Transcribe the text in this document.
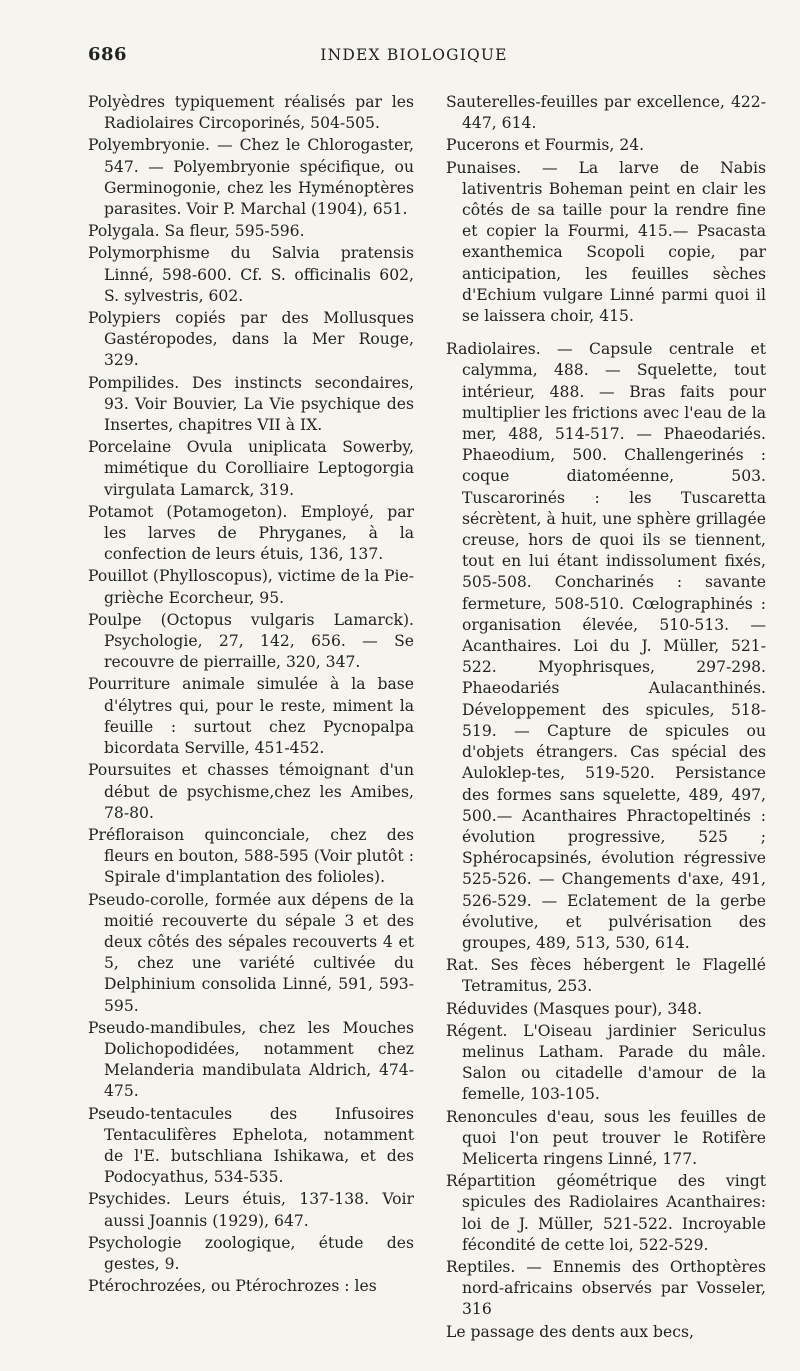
686	INDEX BIOLOGIQUE

Polyèdres typiquement réalisés par les Radiolaires Circoporinés, 504-505.

Polyembryonie. — Chez le Chlorogaster, 547. — Polyembryonie spécifique, ou Germinogonie, chez les Hyménoptères parasites. Voir P. Marchal (1904), 651.

Polygala. Sa fleur, 595-596.

Polymorphisme du Salvia pratensis Linné, 598-600. Cf. S. officinalis 602, S. sylvestris, 602.

Polypiers copiés par des Mollusques Gastéropodes, dans la Mer Rouge, 329.

Pompilides. Des instincts secondaires, 93. Voir Bouvier, La Vie psychique des Insertes, chapitres VII à IX.

Porcelaine Ovula uniplicata Sowerby, mimétique du Corolliaire Leptogorgia virgulata Lamarck, 319.

Potamot (Potamogeton). Employé, par les larves de Phryganes, à la confection de leurs étuis, 136, 137.

Pouillot (Phylloscopus), victime de la Pie-grièche Ecorcheur, 95.

Poulpe (Octopus vulgaris Lamarck). Psychologie, 27, 142, 656. — Se recouvre de pierraille, 320, 347.

Pourriture animale simulée à la base d'élytres qui, pour le reste, miment la feuille : surtout chez Pycnopalpa bicordata Serville, 451-452.

Poursuites et chasses témoignant d'un début de psychisme,chez les Amibes, 78-80.

Préfloraison quinconciale, chez des fleurs en bouton, 588-595 (Voir plutôt : Spirale d'implantation des folioles).

Pseudo-corolle, formée aux dépens de la moitié recouverte du sépale 3 et des deux côtés des sépales recouverts 4 et 5, chez une variété cultivée du Delphinium consolida Linné, 591, 593-595.

Pseudo-mandibules, chez les Mouches Dolichopodidées, notamment chez Melanderia mandibulata Aldrich, 474-475.

Pseudo-tentacules des Infusoires Tentaculifères Ephelota, notamment de l'E. butschliana Ishikawa, et des Podocyathus, 534-535.

Psychides. Leurs étuis, 137-138. Voir aussi Joannis (1929), 647.

Psychologie zoologique, étude des gestes, 9.

Ptérochrozées, ou Ptérochrozes : les

Sauterelles-feuilles par excellence, 422-447, 614.

Pucerons et Fourmis, 24.

Punaises. — La larve de Nabis lativentris Boheman peint en clair les côtés de sa taille pour la rendre fine et copier la Fourmi, 415.— Psacasta exanthemica Scopoli copie, par anticipation, les feuilles sèches d'Echium vulgare Linné parmi quoi il se laissera choir, 415.

Radiolaires. — Capsule centrale et calymma, 488. — Squelette, tout intérieur, 488. — Bras faits pour multiplier les frictions avec l'eau de la mer, 488, 514-517. — Phaeodariés. Phaeodium, 500. Challengerinés : coque diatoméenne, 503. Tuscarorinés : les Tuscaretta sécrètent, à huit, une sphère grillagée creuse, hors de quoi ils se tiennent, tout en lui étant indissolument fixés, 505-508. Concharinés : savante fermeture, 508-510. Cœlographinés : organisation élevée, 510-513. — Acanthaires. Loi du J. Müller, 521-522. Myophrisques, 297-298. Phaeodariés Aulacanthinés. Développement des spicules, 518-519. — Capture de spicules ou d'objets étrangers. Cas spécial des Auloklep-tes, 519-520. Persistance des formes sans squelette, 489, 497, 500.— Acanthaires Phractopeltinés : évolution progressive, 525 ; Sphérocapsinés, évolution régressive 525-526. — Changements d'axe, 491, 526-529. — Eclatement de la gerbe évolutive, et pulvérisation des groupes, 489, 513, 530, 614.

Rat. Ses fèces hébergent le Flagellé Tetramitus, 253.

Réduvides (Masques pour), 348.

Régent. L'Oiseau jardinier Sericulus melinus Latham. Parade du mâle. Salon ou citadelle d'amour de la femelle, 103-105.

Renoncules d'eau, sous les feuilles de quoi l'on peut trouver le Rotifère Melicerta ringens Linné, 177.

Répartition géométrique des vingt spicules des Radiolaires Acanthaires: loi de J. Müller, 521-522. Incroyable fécondité de cette loi, 522-529.

Reptiles. — Ennemis des Orthoptères nord-africains observés par Vosseler, 316

Le passage des dents aux becs,
